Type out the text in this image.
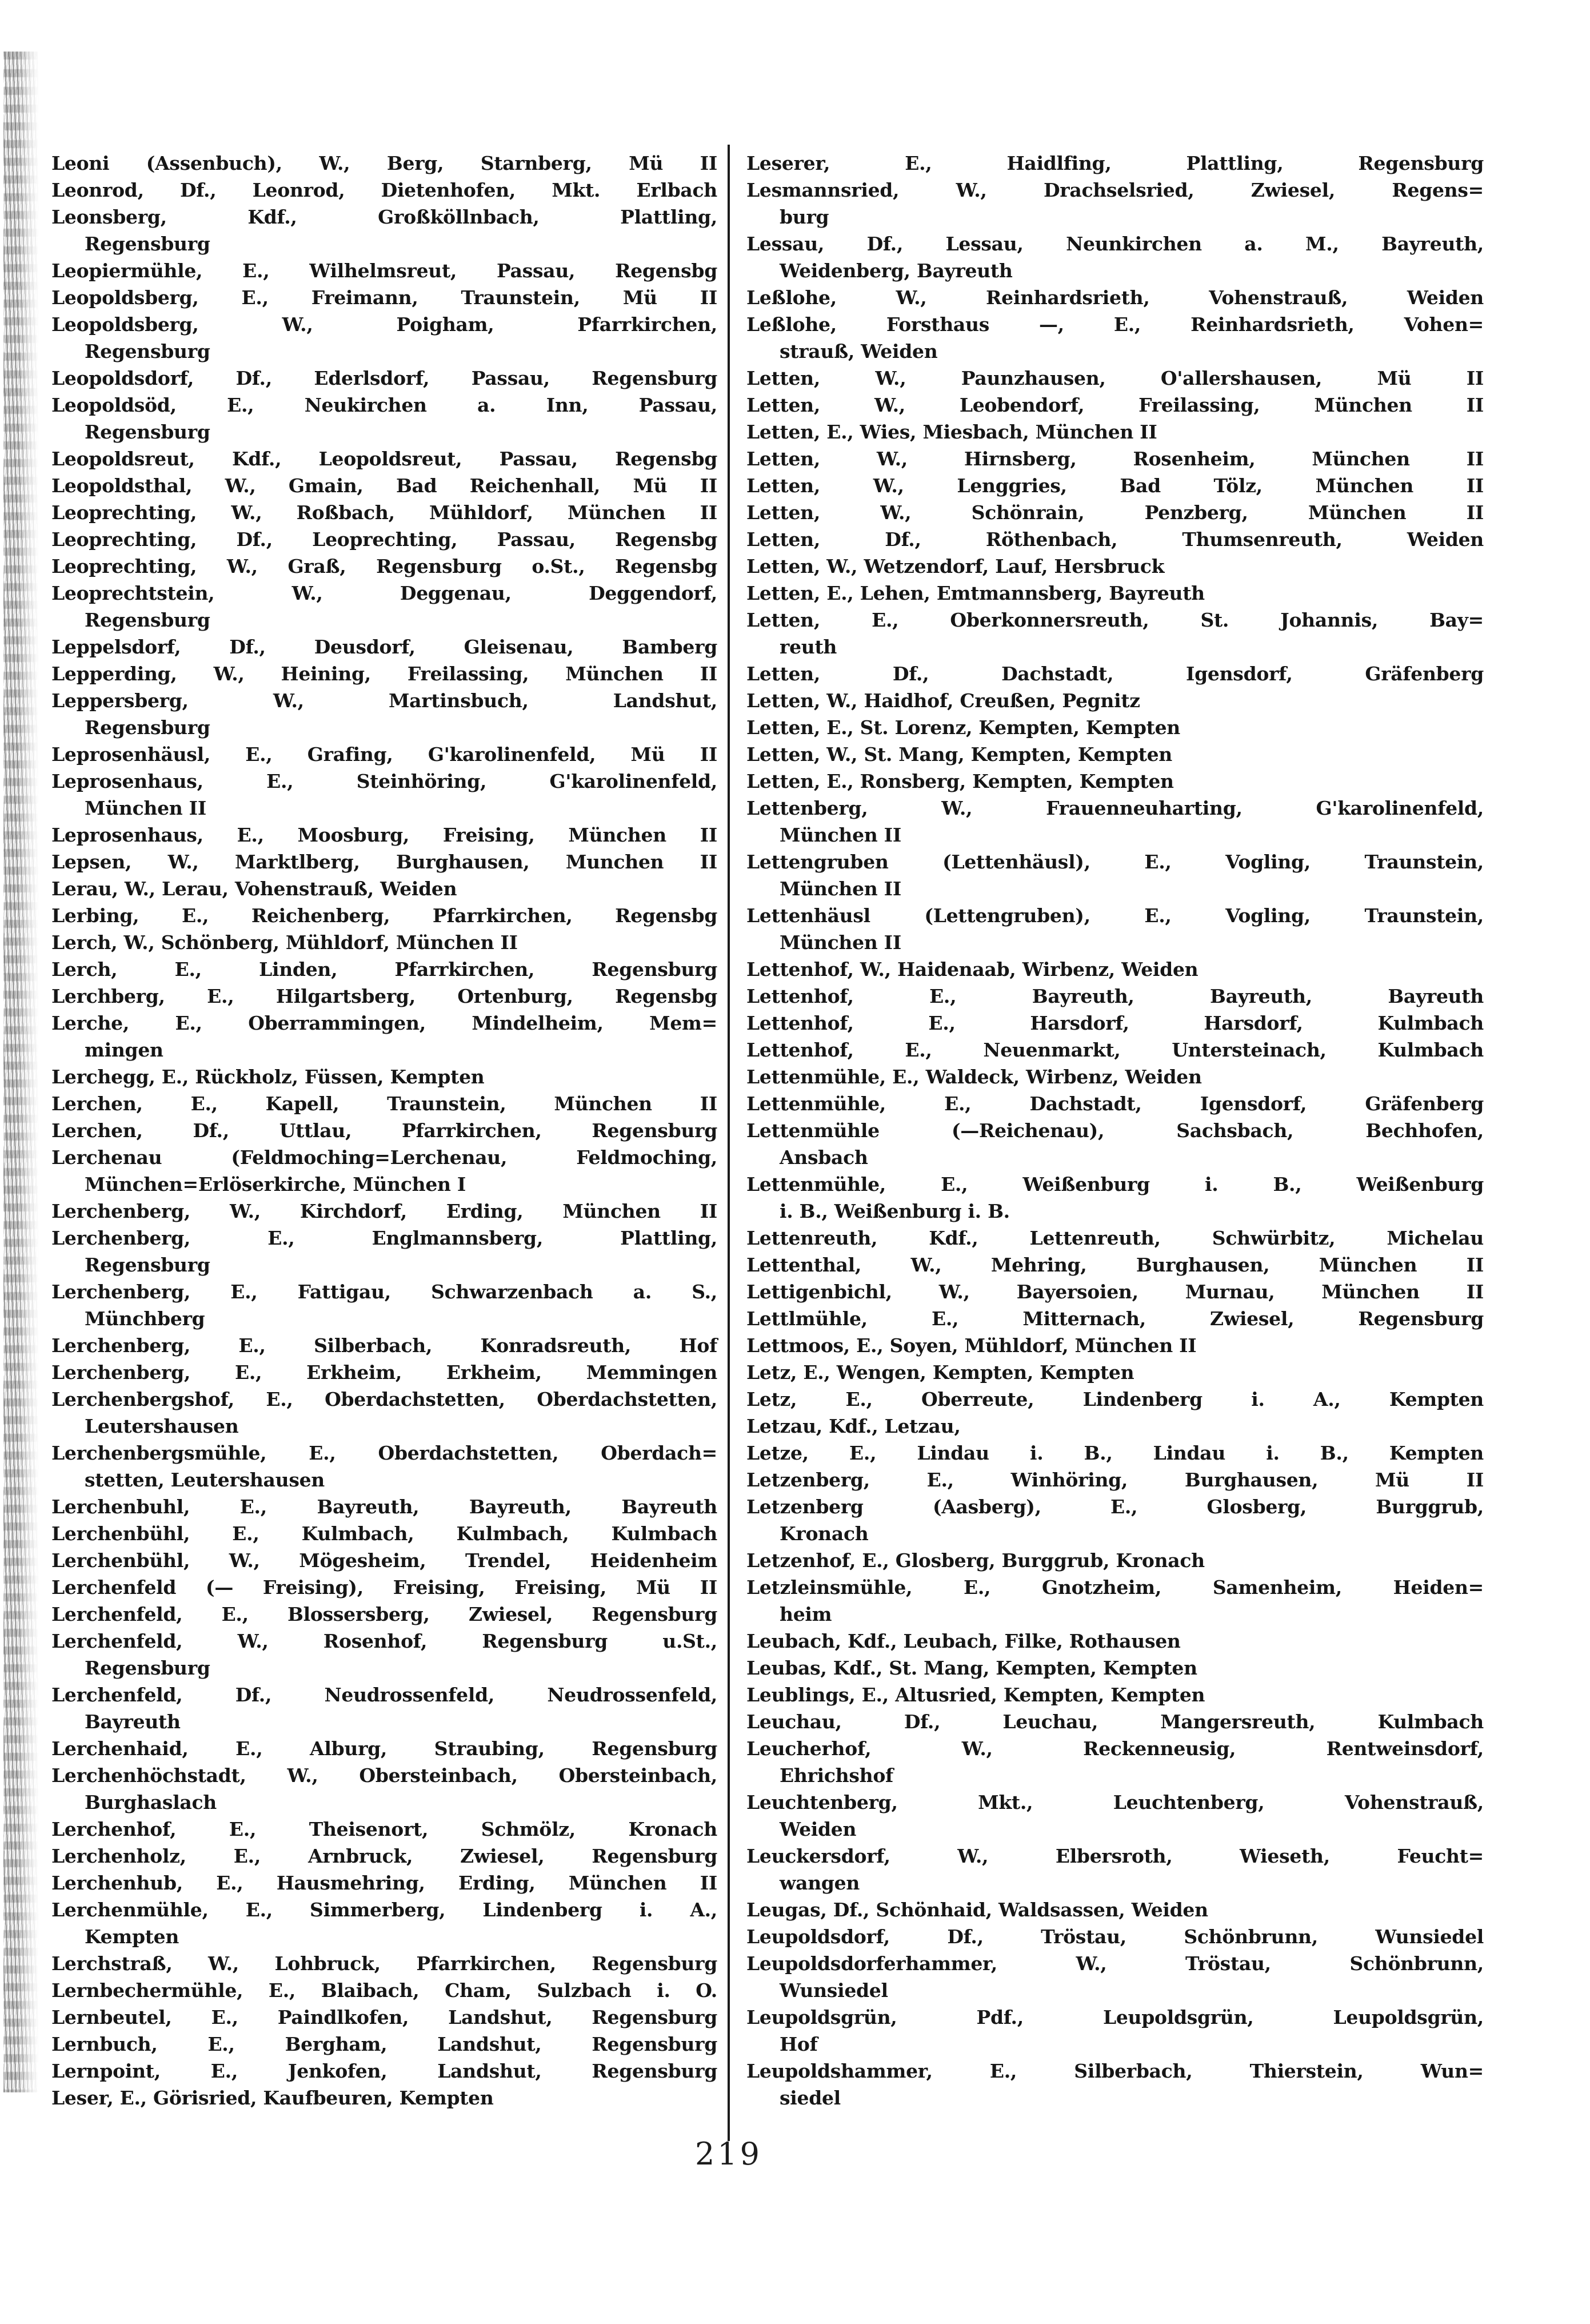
Leoni (Assenbuch), W., Berg, Starnberg, Mü II

Leonrod, Df., Leonrod, Dietenhofen, Mkt. Erlbach

Leonsberg, Kdf., Großköllnbach, Plattling,
Regensburg

Leopiermühle, E., Wilhelmsreut, Passau, Regensbg

Leopoldsberg, E., Freimann, Traunstein, Mü II

Leopoldsberg, W., Poigham, Pfarrkirchen,
Regensburg

Leopoldsdorf, Df., Ederlsdorf, Passau, Regensburg

Leopoldsöd, E., Neukirchen a. Inn, Passau,
Regensburg

Leopoldsreut, Kdf., Leopoldsreut, Passau, Regensbg

Leopoldsthal, W., Gmain, Bad Reichenhall, Mü II

Leoprechting, W., Roßbach, Mühldorf, München II

Leoprechting, Df., Leoprechting, Passau, Regensbg

Leoprechting, W., Graß, Regensburg o.St., Regensbg

Leoprechtstein, W., Deggenau, Deggendorf,
Regensburg

Leppelsdorf, Df., Deusdorf, Gleisenau, Bamberg

Lepperding, W., Heining, Freilassing, München II

Leppersberg, W., Martinsbuch, Landshut,
Regensburg

Leprosenhäusl, E., Grafing, G'karolinenfeld, Mü II

Leprosenhaus, E., Steinhöring, G'karolinenfeld,
München II

Leprosenhaus, E., Moosburg, Freising, München II

Lepsen, W., Marktlberg, Burghausen, Munchen II

Lerau, W., Lerau, Vohenstrauß, Weiden

Lerbing, E., Reichenberg, Pfarrkirchen, Regensbg

Lerch, W., Schönberg, Mühldorf, München II

Lerch, E., Linden, Pfarrkirchen, Regensburg

Lerchberg, E., Hilgartsberg, Ortenburg, Regensbg

Lerche, E., Oberrammingen, Mindelheim, Mem=
mingen

Lerchegg, E., Rückholz, Füssen, Kempten

Lerchen, E., Kapell, Traunstein, München II

Lerchen, Df., Uttlau, Pfarrkirchen, Regensburg

Lerchenau (Feldmoching=Lerchenau, Feldmoching,
München=Erlöserkirche, München I

Lerchenberg, W., Kirchdorf, Erding, München II

Lerchenberg, E., Englmannsberg, Plattling,
Regensburg

Lerchenberg, E., Fattigau, Schwarzenbach a. S.,
Münchberg

Lerchenberg, E., Silberbach, Konradsreuth, Hof

Lerchenberg, E., Erkheim, Erkheim, Memmingen

Lerchenbergshof, E., Oberdachstetten, Oberdachstetten,
Leutershausen

Lerchenbergsmühle, E., Oberdachstetten, Oberdach=
stetten, Leutershausen

Lerchenbuhl, E., Bayreuth, Bayreuth, Bayreuth

Lerchenbühl, E., Kulmbach, Kulmbach, Kulmbach

Lerchenbühl, W., Mögesheim, Trendel, Heidenheim

Lerchenfeld (— Freising), Freising, Freising, Mü II

Lerchenfeld, E., Blossersberg, Zwiesel, Regensburg

Lerchenfeld, W., Rosenhof, Regensburg u.St.,
Regensburg

Lerchenfeld, Df., Neudrossenfeld, Neudrossenfeld,
Bayreuth

Lerchenhaid, E., Alburg, Straubing, Regensburg

Lerchenhöchstadt, W., Obersteinbach, Obersteinbach,
Burghaslach

Lerchenhof, E., Theisenort, Schmölz, Kronach

Lerchenholz, E., Arnbruck, Zwiesel, Regensburg

Lerchenhub, E., Hausmehring, Erding, München II

Lerchenmühle, E., Simmerberg, Lindenberg i. A.,
Kempten

Lerchstraß, W., Lohbruck, Pfarrkirchen, Regensburg

Lernbechermühle, E., Blaibach, Cham, Sulzbach i. O.

Lernbeutel, E., Paindlkofen, Landshut, Regensburg

Lernbuch, E., Bergham, Landshut, Regensburg

Lernpoint, E., Jenkofen, Landshut, Regensburg

Leser, E., Görisried, Kaufbeuren, Kempten

Leserer, E., Haidlfing, Plattling, Regensburg

Lesmannsried, W., Drachselsried, Zwiesel, Regens=
burg

Lessau, Df., Lessau, Neunkirchen a. M., Bayreuth,
Weidenberg, Bayreuth

Leßlohe, W., Reinhardsrieth, Vohenstrauß, Weiden

Leßlohe, Forsthaus —, E., Reinhardsrieth, Vohen=
strauß, Weiden

Letten, W., Paunzhausen, O'allershausen, Mü II

Letten, W., Leobendorf, Freilassing, München II

Letten, E., Wies, Miesbach, München II

Letten, W., Hirnsberg, Rosenheim, München II

Letten, W., Lenggries, Bad Tölz, München II

Letten, W., Schönrain, Penzberg, München II

Letten, Df., Röthenbach, Thumsenreuth, Weiden

Letten, W., Wetzendorf, Lauf, Hersbruck

Letten, E., Lehen, Emtmannsberg, Bayreuth

Letten, E., Oberkonnersreuth, St. Johannis, Bay=
reuth

Letten, Df., Dachstadt, Igensdorf, Gräfenberg

Letten, W., Haidhof, Creußen, Pegnitz

Letten, E., St. Lorenz, Kempten, Kempten

Letten, W., St. Mang, Kempten, Kempten

Letten, E., Ronsberg, Kempten, Kempten

Lettenberg, W., Frauenneuharting, G'karolinenfeld,
München II

Lettengruben (Lettenhäusl), E., Vogling, Traunstein,
München II

Lettenhäusl (Lettengruben), E., Vogling, Traunstein,
München II

Lettenhof, W., Haidenaab, Wirbenz, Weiden

Lettenhof, E., Bayreuth, Bayreuth, Bayreuth

Lettenhof, E., Harsdorf, Harsdorf, Kulmbach

Lettenhof, E., Neuenmarkt, Untersteinach, Kulmbach

Lettenmühle, E., Waldeck, Wirbenz, Weiden

Lettenmühle, E., Dachstadt, Igensdorf, Gräfenberg

Lettenmühle (—Reichenau), Sachsbach, Bechhofen,
Ansbach

Lettenmühle, E., Weißenburg i. B., Weißenburg
i. B., Weißenburg i. B.

Lettenreuth, Kdf., Lettenreuth, Schwürbitz, Michelau

Lettenthal, W., Mehring, Burghausen, München II

Lettigenbichl, W., Bayersoien, Murnau, München II

Lettlmühle, E., Mitternach, Zwiesel, Regensburg

Lettmoos, E., Soyen, Mühldorf, München II

Letz, E., Wengen, Kempten, Kempten

Letz, E., Oberreute, Lindenberg i. A., Kempten

Letzau, Kdf., Letzau,

Letze, E., Lindau i. B., Lindau i. B., Kempten

Letzenberg, E., Winhöring, Burghausen, Mü II

Letzenberg (Aasberg), E., Glosberg, Burggrub,
Kronach

Letzenhof, E., Glosberg, Burggrub, Kronach

Letzleinsmühle, E., Gnotzheim, Samenheim, Heiden=
heim

Leubach, Kdf., Leubach, Filke, Rothausen

Leubas, Kdf., St. Mang, Kempten, Kempten

Leublings, E., Altusried, Kempten, Kempten

Leuchau, Df., Leuchau, Mangersreuth, Kulmbach

Leucherhof, W., Reckenneusig, Rentweinsdorf,
Ehrichshof

Leuchtenberg, Mkt., Leuchtenberg, Vohenstrauß,
Weiden

Leuckersdorf, W., Elbersroth, Wieseth, Feucht=
wangen

Leugas, Df., Schönhaid, Waldsassen, Weiden

Leupoldsdorf, Df., Tröstau, Schönbrunn, Wunsiedel

Leupoldsdorferhammer, W., Tröstau, Schönbrunn,
Wunsiedel

Leupoldsgrün, Pdf., Leupoldsgrün, Leupoldsgrün,
Hof

Leupoldshammer, E., Silberbach, Thierstein, Wun=
siedel

219
